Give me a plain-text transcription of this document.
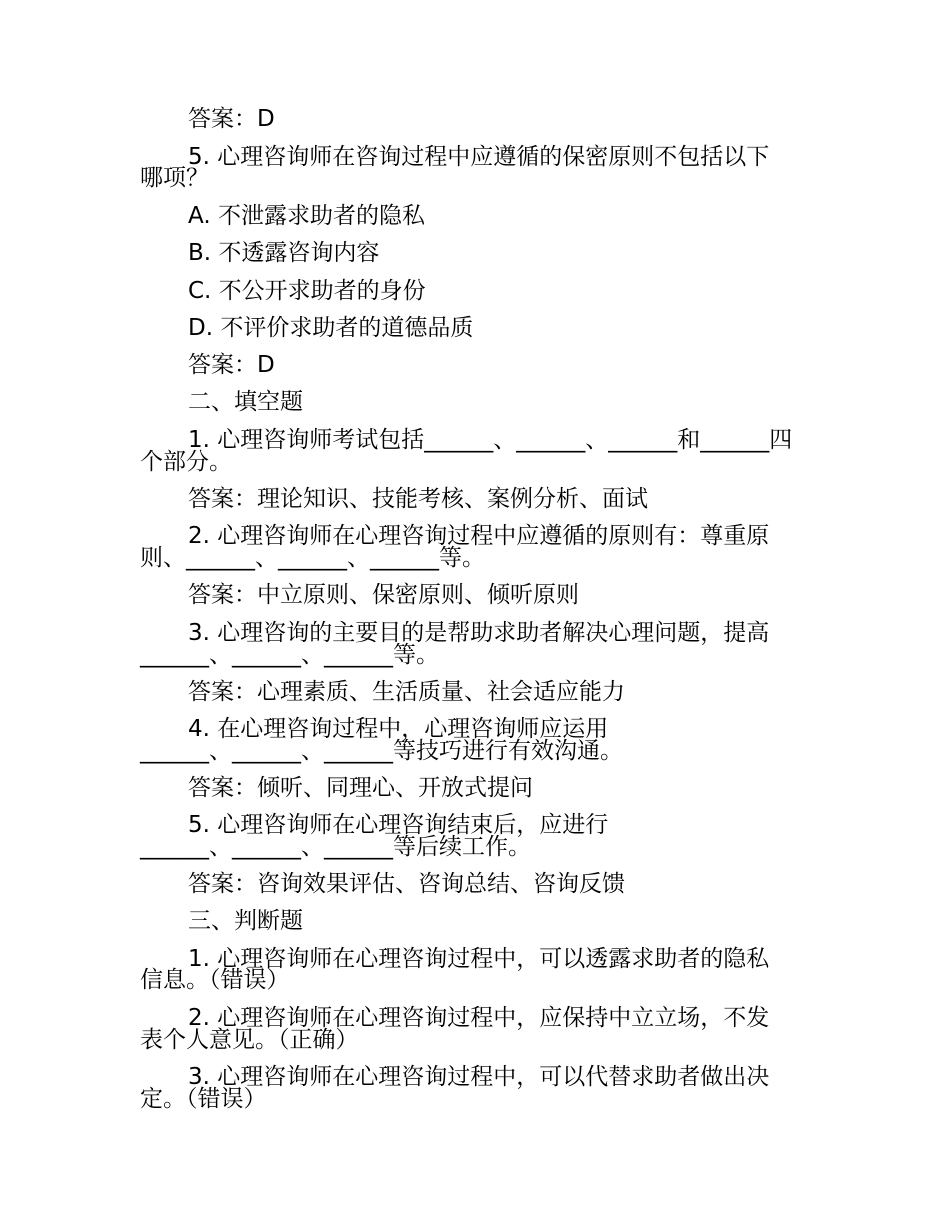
答案：D
5. 心理咨询师在咨询过程中应遵循的保密原则不包括以下
哪项？
A. 不泄露求助者的隐私
B. 不透露咨询内容
C. 不公开求助者的身份
D. 不评价求助者的道德品质
答案：D
二、填空题
1. 心理咨询师考试包括______、______、______和______四
个部分。
答案：理论知识、技能考核、案例分析、面试
2. 心理咨询师在心理咨询过程中应遵循的原则有：尊重原
则、______、______、______等。
答案：中立原则、保密原则、倾听原则
3. 心理咨询的主要目的是帮助求助者解决心理问题，提高
______、______、______等。
答案：心理素质、生活质量、社会适应能力
4. 在心理咨询过程中，心理咨询师应运用
______、______、______等技巧进行有效沟通。
答案：倾听、同理心、开放式提问
5. 心理咨询师在心理咨询结束后，应进行
______、______、______等后续工作。
答案：咨询效果评估、咨询总结、咨询反馈
三、判断题
1. 心理咨询师在心理咨询过程中，可以透露求助者的隐私
信息。（错误）
2. 心理咨询师在心理咨询过程中，应保持中立立场，不发
表个人意见。（正确）
3. 心理咨询师在心理咨询过程中，可以代替求助者做出决
定。（错误）
